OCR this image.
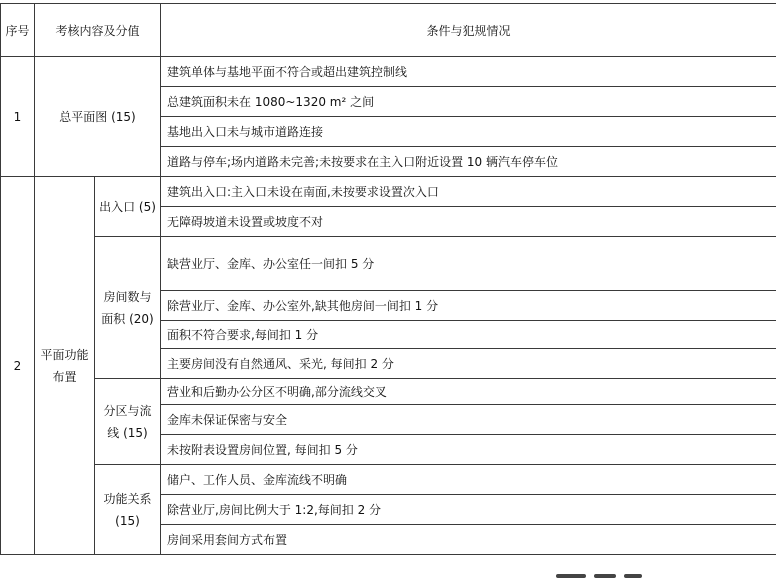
序号	考核内容及分值		条件与犯规情况
1	总平面图 (15)		建筑单体与基地平面不符合或超出建筑控制线
			总建筑面积未在 1080~1320 m² 之间
			基地出入口未与城市道路连接
			道路与停车;场内道路未完善;未按要求在主入口附近设置 10 辆汽车停车位
2	平面功能布置	出入口 (5)	建筑出入口:主入口未设在南面,未按要求设置次入口
			无障碍坡道未设置或坡度不对
		房间数与面积 (20)	缺营业厅、金库、办公室任一间扣 5 分
			除营业厅、金库、办公室外,缺其他房间一间扣 1 分
			面积不符合要求,每间扣 1 分
			主要房间没有自然通风、采光, 每间扣 2 分
		分区与流线 (15)	营业和后勤办公分区不明确,部分流线交叉
			金库未保证保密与安全
			未按附表设置房间位置, 每间扣 5 分
		功能关系 (15)	储户、工作人员、金库流线不明确
			除营业厅,房间比例大于 1:2,每间扣 2 分
			房间采用套间方式布置
